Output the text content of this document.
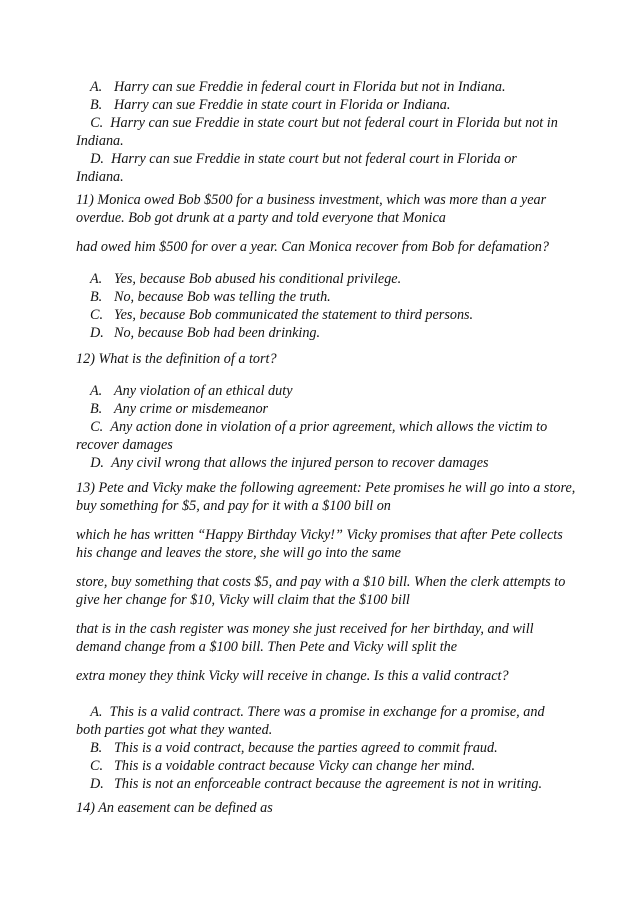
A. Harry can sue Freddie in federal court in Florida but not in Indiana.
B. Harry can sue Freddie in state court in Florida or Indiana.
C. Harry can sue Freddie in state court but not federal court in Florida but not in
Indiana.
D. Harry can sue Freddie in state court but not federal court in Florida or
Indiana.

11) Monica owed Bob $500 for a business investment, which was more than a year overdue. Bob got drunk at a party and told everyone that Monica

had owed him $500 for over a year. Can Monica recover from Bob for defamation?

A. Yes, because Bob abused his conditional privilege.
B. No, because Bob was telling the truth.
C. Yes, because Bob communicated the statement to third persons.
D. No, because Bob had been drinking.

12) What is the definition of a tort?

A. Any violation of an ethical duty
B. Any crime or misdemeanor
C. Any action done in violation of a prior agreement, which allows the victim to
recover damages
D. Any civil wrong that allows the injured person to recover damages

13) Pete and Vicky make the following agreement: Pete promises he will go into a store, buy something for $5, and pay for it with a $100 bill on

which he has written “Happy Birthday Vicky!” Vicky promises that after Pete collects his change and leaves the store, she will go into the same

store, buy something that costs $5, and pay with a $10 bill. When the clerk attempts to give her change for $10, Vicky will claim that the $100 bill

that is in the cash register was money she just received for her birthday, and will demand change from a $100 bill. Then Pete and Vicky will split the

extra money they think Vicky will receive in change. Is this a valid contract?

A. This is a valid contract. There was a promise in exchange for a promise, and
both parties got what they wanted.
B. This is a void contract, because the parties agreed to commit fraud.
C. This is a voidable contract because Vicky can change her mind.
D. This is not an enforceable contract because the agreement is not in writing.

14) An easement can be defined as
